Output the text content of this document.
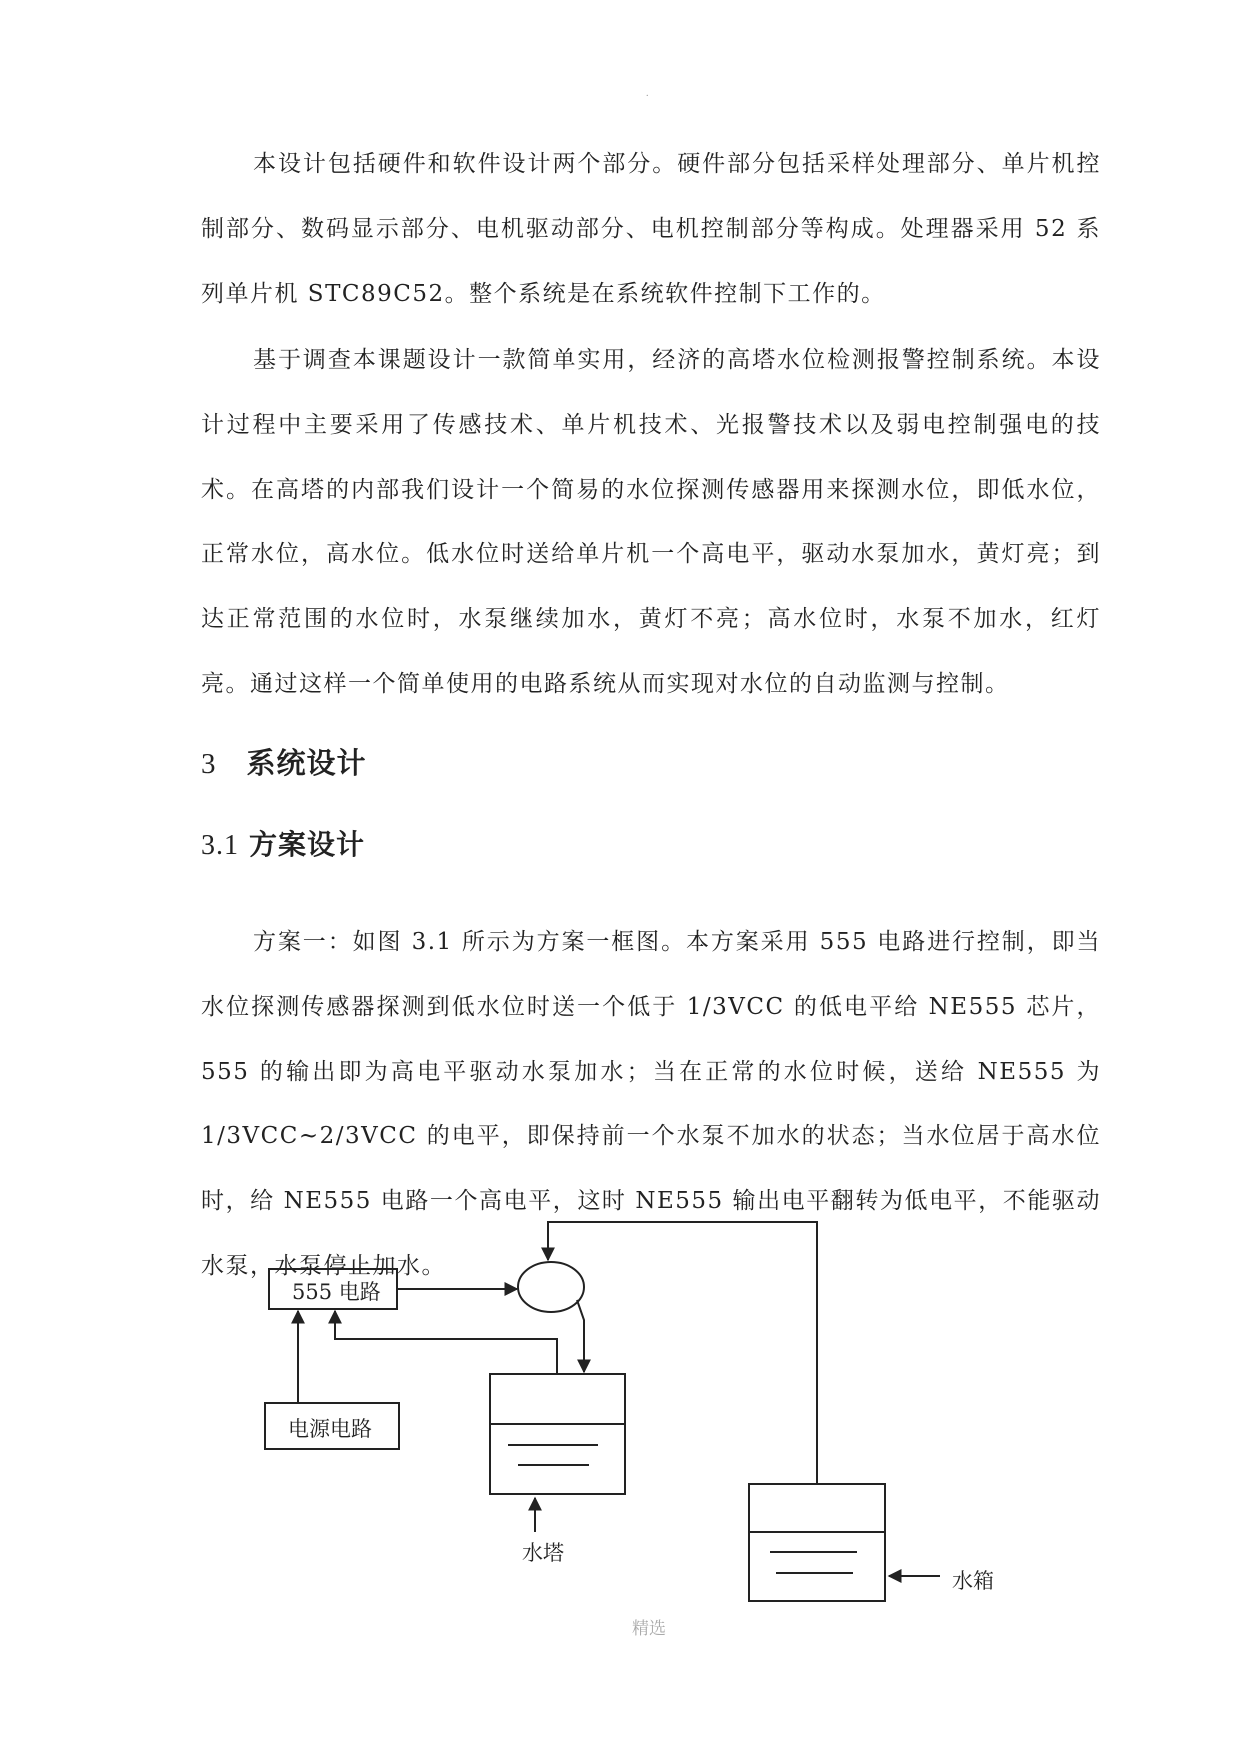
.

本设计包括硬件和软件设计两个部分。硬件部分包括采样处理部分、单片机控制部分、数码显示部分、电机驱动部分、电机控制部分等构成。处理器采用 52 系列单片机 STC89C52。整个系统是在系统软件控制下工作的。

基于调查本课题设计一款简单实用，经济的高塔水位检测报警控制系统。本设计过程中主要采用了传感技术、单片机技术、光报警技术以及弱电控制强电的技术。在高塔的内部我们设计一个简易的水位探测传感器用来探测水位，即低水位，正常水位，高水位。低水位时送给单片机一个高电平，驱动水泵加水，黄灯亮；到达正常范围的水位时，水泵继续加水，黄灯不亮；高水位时，水泵不加水，红灯亮。通过这样一个简单使用的电路系统从而实现对水位的自动监测与控制。

3 系统设计
3.1 方案设计

方案一：如图 3.1 所示为方案一框图。本方案采用 555 电路进行控制，即当水位探测传感器探测到低水位时送一个低于 1/3VCC 的低电平给 NE555 芯片，555 的输出即为高电平驱动水泵加水；当在正常的水位时候，送给 NE555 为 1/3VCC~2/3VCC 的电平，即保持前一个水泵不加水的状态；当水位居于高水位时，给 NE555 电路一个高电平，这时 NE555 输出电平翻转为低电平，不能驱动水泵，水泵停止加水。

555 电路
电源电路
水塔
水箱
精选
